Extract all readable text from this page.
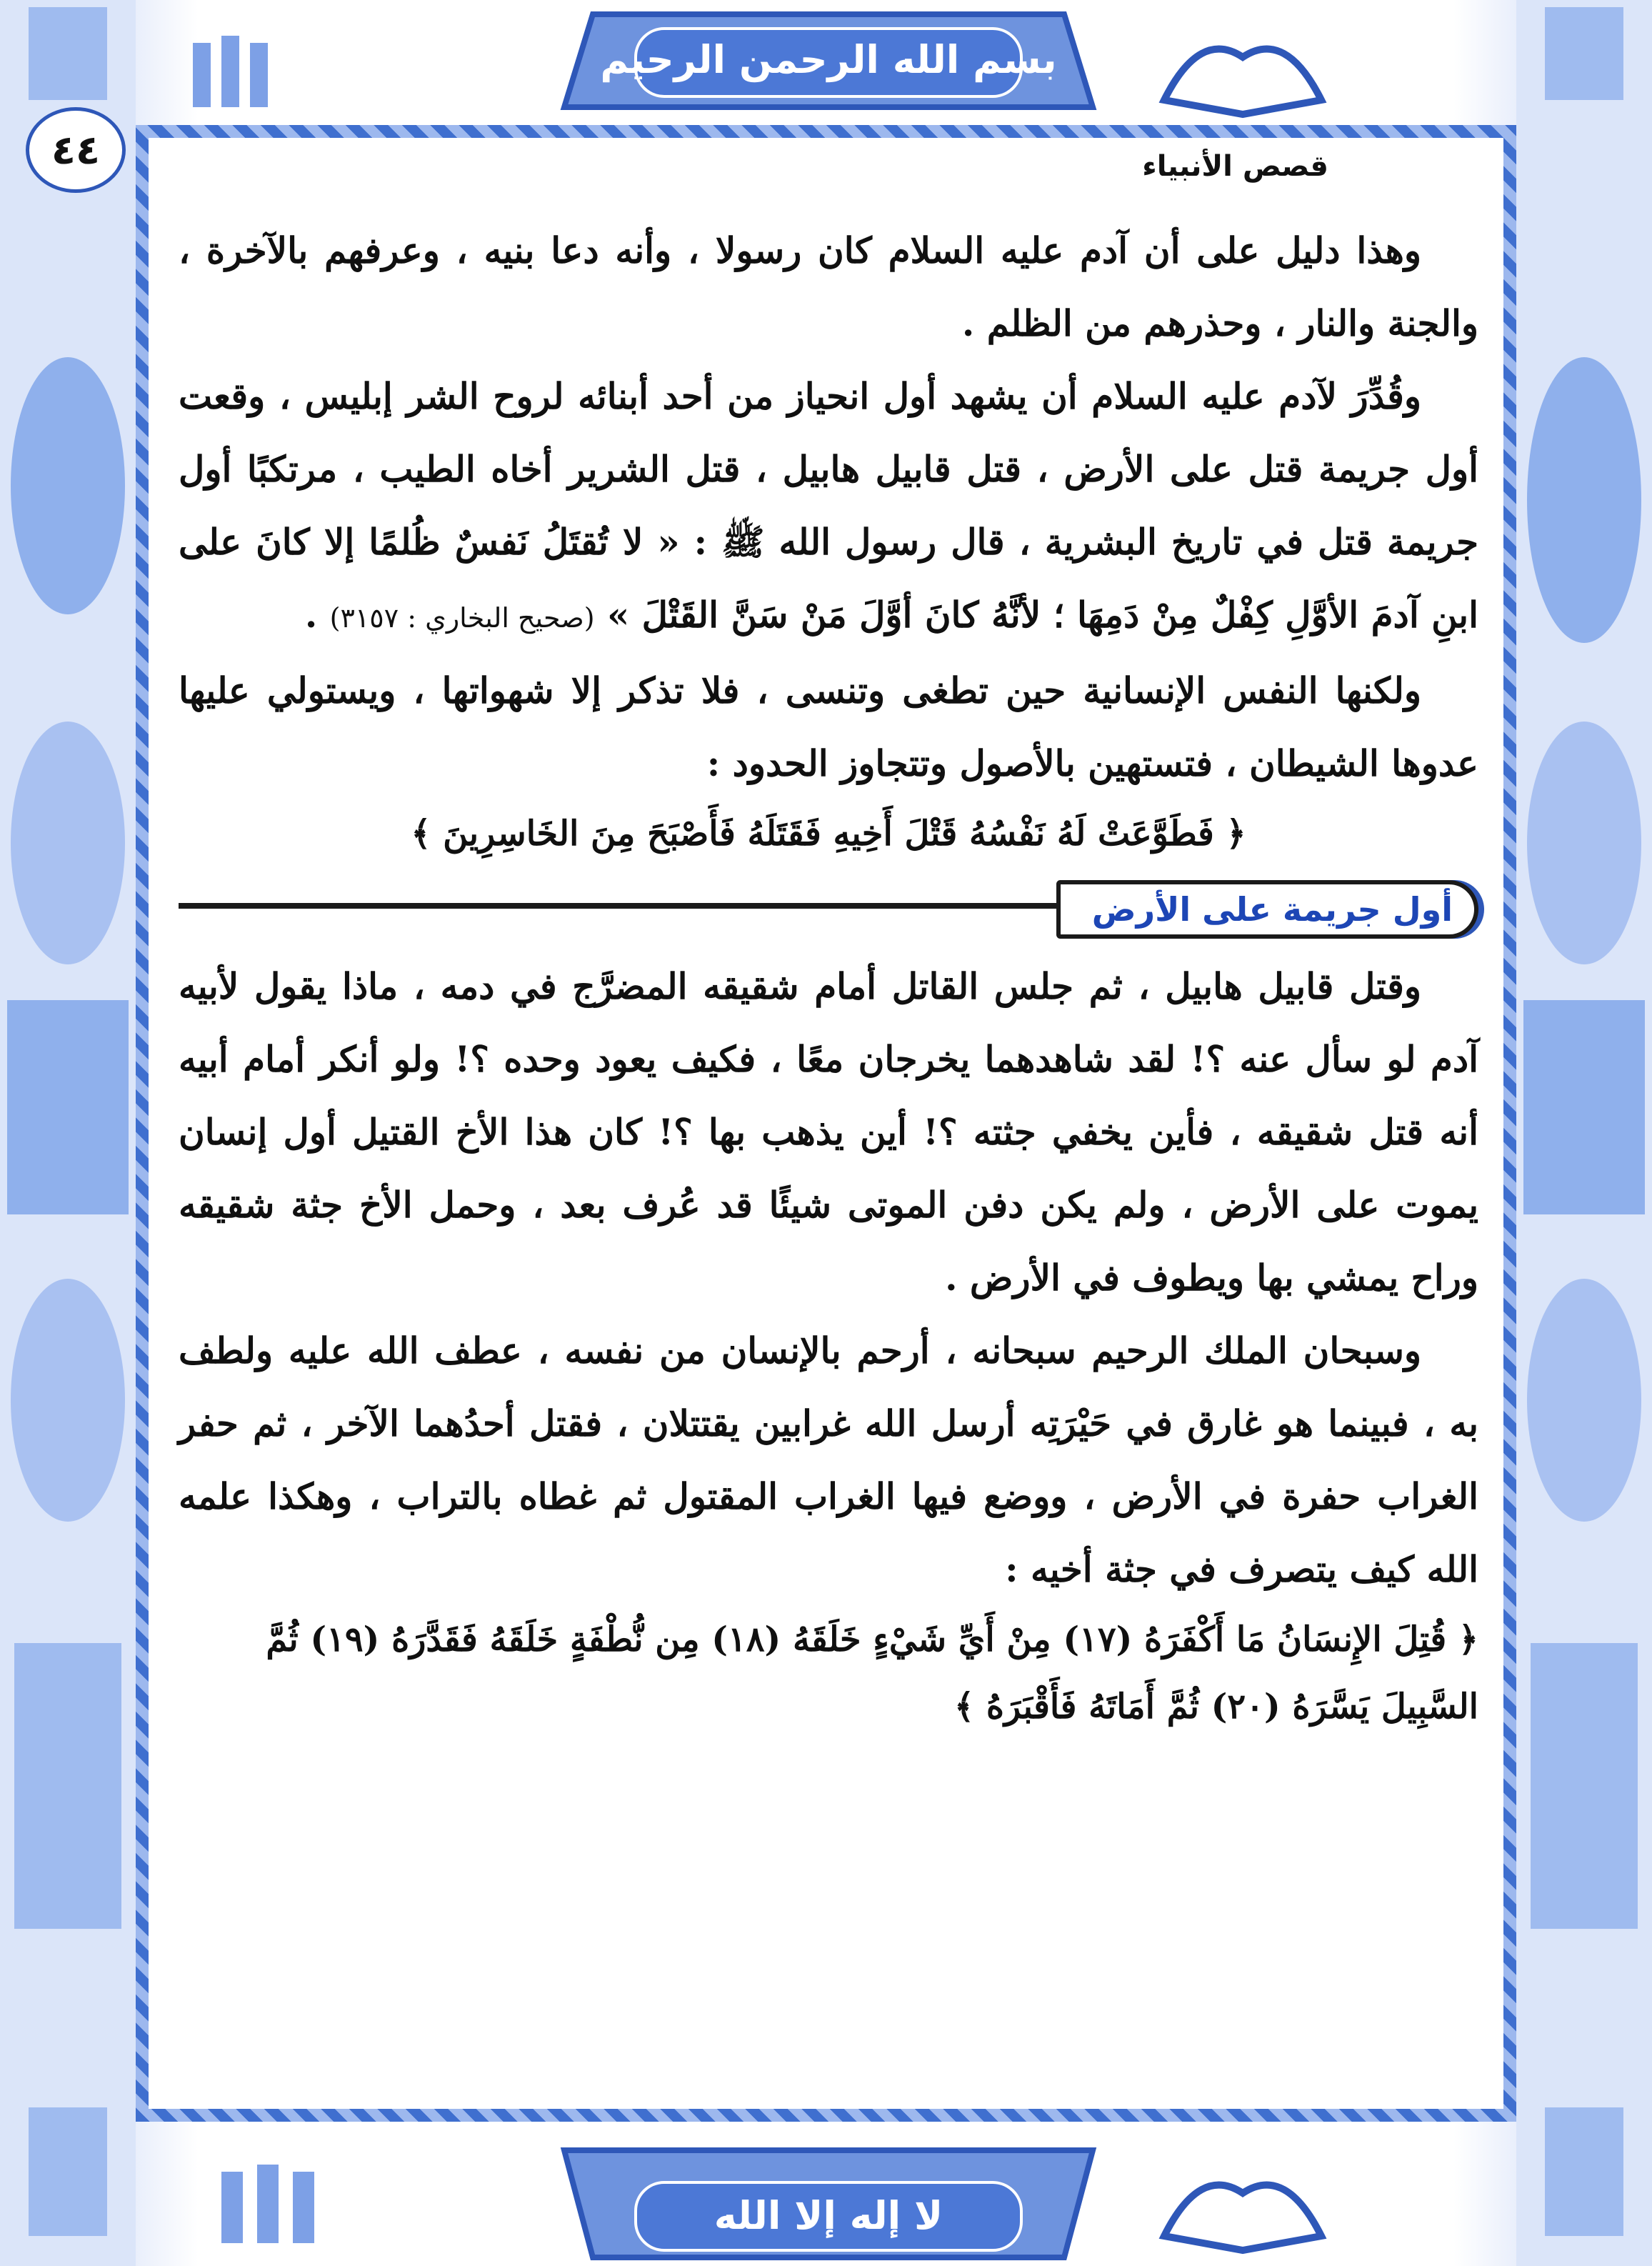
بسم الله الرحمن الرحيم
٤٤	قصص الأنبياء

وهذا دليل على أن آدم عليه السلام كان رسولا ، وأنه دعا بنيه ، وعرفهم بالآخرة ، والجنة والنار ، وحذرهم من الظلم .

وقُدِّرَ لآدم عليه السلام أن يشهد أول انحياز من أحد أبنائه لروح الشر إبليس ، وقعت أول جريمة قتل على الأرض ، قتل قابيل هابيل ، قتل الشرير أخاه الطيب ، مرتكبًا أول جريمة قتل في تاريخ البشرية ، قال رسول الله ﷺ : « لا تُقتَلُ نَفسٌ ظُلمًا إلا كانَ على ابنِ آدمَ الأوَّلِ كِفْلٌ مِنْ دَمِهَا ؛ لأنَّهُ كانَ أوَّلَ مَنْ سَنَّ القَتْلَ » (صحيح البخاري : ٣١٥٧) .

ولكنها النفس الإنسانية حين تطغى وتنسى ، فلا تذكر إلا شهواتها ، ويستولي عليها عدوها الشيطان ، فتستهين بالأصول وتتجاوز الحدود :

﴿ فَطَوَّعَتْ لَهُ نَفْسُهُ قَتْلَ أَخِيهِ فَقَتَلَهُ فَأَصْبَحَ مِنَ الخَاسِرِينَ ﴾

أول جريمة على الأرض

وقتل قابيل هابيل ، ثم جلس القاتل أمام شقيقه المضرَّج في دمه ، ماذا يقول لأبيه آدم لو سأل عنه ؟! لقد شاهدهما يخرجان معًا ، فكيف يعود وحده ؟! ولو أنكر أمام أبيه أنه قتل شقيقه ، فأين يخفي جثته ؟! أين يذهب بها ؟! كان هذا الأخ القتيل أول إنسان يموت على الأرض ، ولم يكن دفن الموتى شيئًا قد عُرف بعد ، وحمل الأخ جثة شقيقه وراح يمشي بها ويطوف في الأرض .

وسبحان الملك الرحيم سبحانه ، أرحم بالإنسان من نفسه ، عطف الله عليه ولطف به ، فبينما هو غارق في حَيْرَتِه أرسل الله غرابين يقتتلان ، فقتل أحدُهما الآخر ، ثم حفر الغراب حفرة في الأرض ، ووضع فيها الغراب المقتول ثم غطاه بالتراب ، وهكذا علمه الله كيف يتصرف في جثة أخيه :

﴿ قُتِلَ الإِنسَانُ مَا أَكْفَرَهُ (١٧) مِنْ أَيِّ شَيْءٍ خَلَقَهُ (١٨) مِن نُّطْفَةٍ خَلَقَهُ فَقَدَّرَهُ (١٩) ثُمَّ السَّبِيلَ يَسَّرَهُ (٢٠) ثُمَّ أَمَاتَهُ فَأَقْبَرَهُ ﴾

لا إله إلا الله
